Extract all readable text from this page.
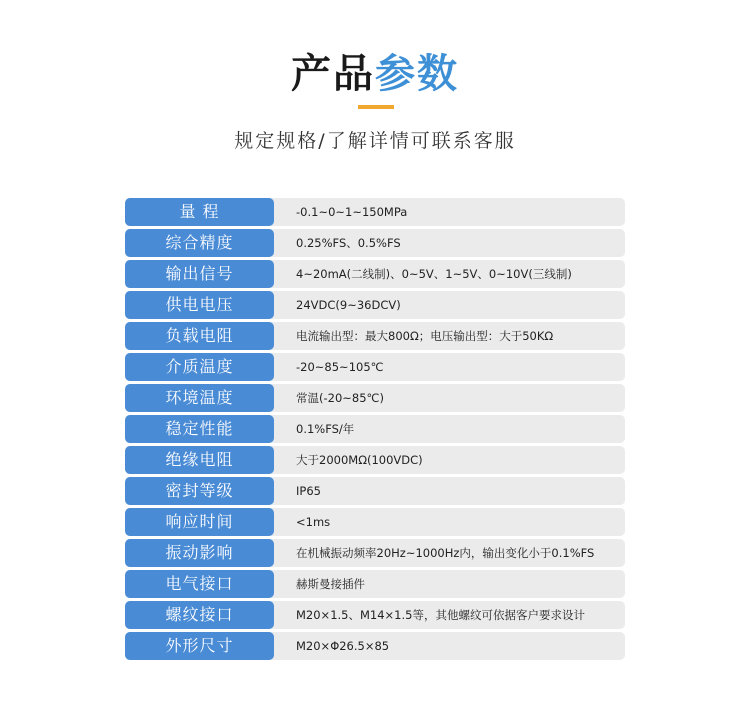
产品参数
规定规格/了解详情可联系客服
量 程	-0.1~0~1~150MPa
综合精度	0.25%FS、0.5%FS
输出信号	4~20mA(二线制)、0~5V、1~5V、0~10V(三线制)
供电电压	24VDC(9~36DCV)
负载电阻	电流输出型：最大800Ω；电压输出型：大于50KΩ
介质温度	-20~85~105℃
环境温度	常温(-20~85℃)
稳定性能	0.1%FS/年
绝缘电阻	大于2000MΩ(100VDC)
密封等级	IP65
响应时间	<1ms
振动影响	在机械振动频率20Hz~1000Hz内，输出变化小于0.1%FS
电气接口	赫斯曼接插件
螺纹接口	M20×1.5、M14×1.5等，其他螺纹可依据客户要求设计
外形尺寸	M20×Φ26.5×85
